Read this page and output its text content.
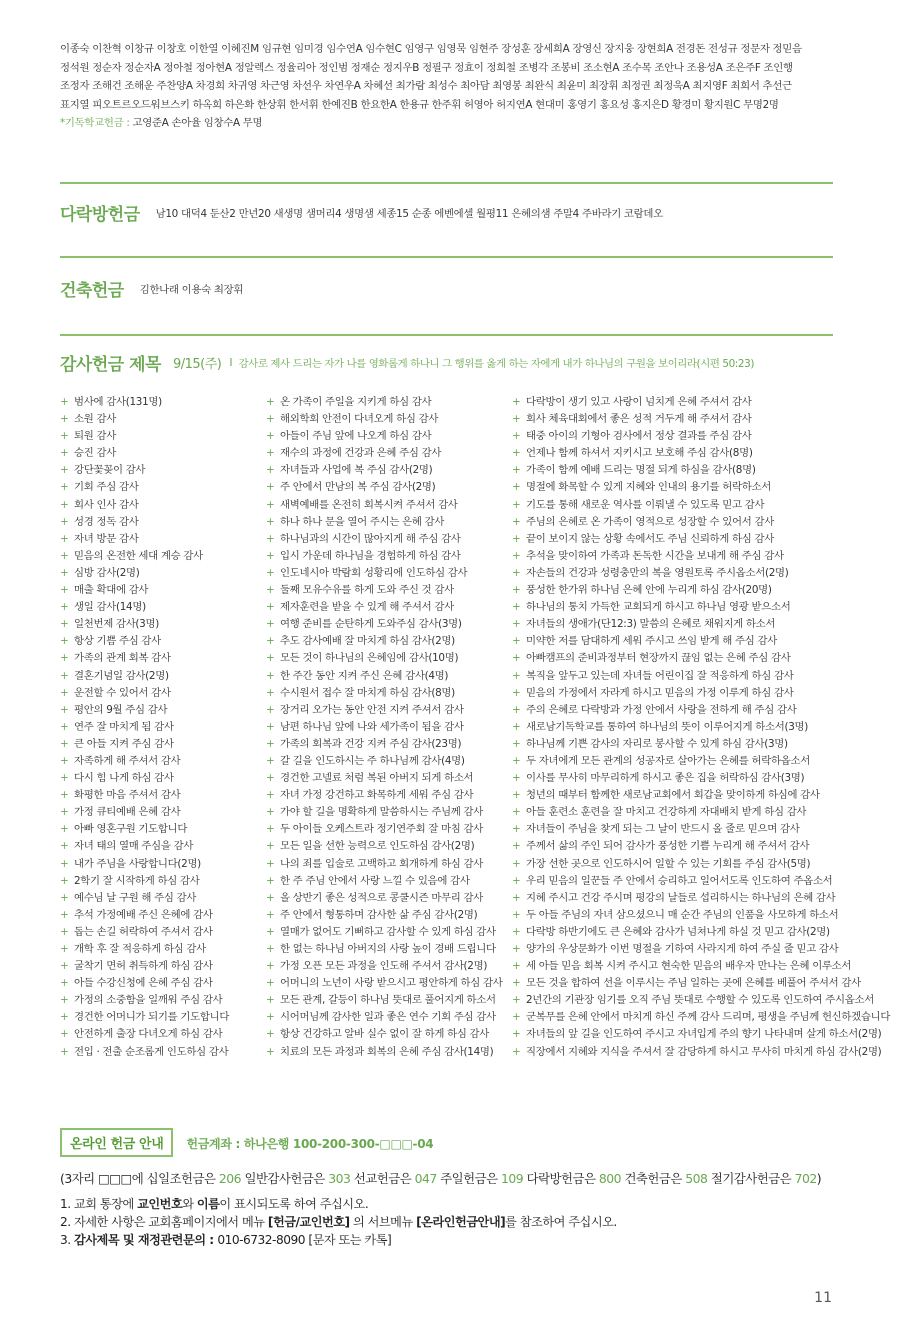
이종숙 이찬혁 이창규 이창호 이한열 이혜진M 임규현 임미경 임수연A 임수현C 임영구 임영묵 임현주 장성훈 장세희A 장영신 장지웅 장현희A 전경돈 전성규 정문자 정믿음
정석원 정순자 정순자A 정아철 정아현A 정알렉스 정율리아 정인범 정재순 정지우B 정필구 정효이 정희철 조병각 조봉비 조소현A 조수목 조안나 조용성A 조은주F 조인행
조정자 조해건 조해운 주찬양A 차경희 차귀영 차근영 차선우 차연우A 차혜선 최가람 최성수 최아담 최영봉 최완식 최윤미 최장휘 최정권 최정욱A 최지영F 최희서 추선근
표지열 피오트르오드워브스키 하옥희 하은화 한상휘 한서휘 한예진B 한요한A 한용규 한주휘 허영아 허지연A 현대미 홍영기 홍요성 홍지은D 황경미 황지원C 무명2명
*기독학교헌금 : 고영준A 손아율 임창수A 무명
다락방헌금 남10 대덕4 둔산2 만년20 새생명 샘머리4 생명샘 세종15 순종 에벤에셀 월평11 은혜의샘 주말4 주바라기 코람데오
건축헌금 김한나래 이용숙 최장휘
감사헌금 제목 9/15(주) I 감사로 제사 드리는 자가 나를 영화롭게 하나니 그 행위를 옳게 하는 자에게 내가 하나님의 구원을 보이리라(시편 50:23)
+ 범사에 감사(131명)
+ 소원 감사
+ 퇴원 감사
+ 승진 감사
+ 강단꽃꽂이 감사
+ 기회 주심 감사
+ 회사 인사 감사
+ 성경 정독 감사
+ 자녀 방문 감사
+ 믿음의 온전한 세대 계승 감사
+ 심방 감사(2명)
+ 매출 확대에 감사
+ 생일 감사(14명)
+ 일천번제 감사(3명)
+ 항상 기쁨 주심 감사
+ 가족의 관계 회복 감사
+ 결혼기념일 감사(2명)
+ 운전할 수 있어서 감사
+ 평안의 9월 주심 감사
+ 연주 잘 마치게 됨 감사
+ 큰 아들 지켜 주심 감사
+ 자족하게 해 주셔서 감사
+ 다시 힘 나게 하심 감사
+ 화평한 마음 주셔서 감사
+ 가정 큐티예배 은혜 감사
+ 아빠 영혼구원 기도합니다
+ 자녀 태의 열매 주심을 감사
+ 내가 주님을 사랑합니다(2명)
+ 2학기 잘 시작하게 하심 감사
+ 예수님 날 구원 해 주심 감사
+ 추석 가정예배 주신 은혜에 감사
+ 돕는 손길 허락하여 주셔서 감사
+ 개학 후 잘 적응하게 하심 감사
+ 굴착기 면허 취득하게 하심 감사
+ 아들 수강신청에 은혜 주심 감사
+ 가정의 소중함을 일깨워 주심 감사
+ 경건한 어머니가 되기를 기도합니다
+ 안전하게 출장 다녀오게 하심 감사
+ 전입 · 전출 순조롭게 인도하심 감사
+ 온 가족이 주일을 지키게 하심 감사
+ 해외학회 안전이 다녀오게 하심 감사
+ 아들이 주님 앞에 나오게 하심 감사
+ 재수의 과정에 건강과 은혜 주심 감사
+ 자녀들과 사업에 복 주심 감사(2명)
+ 주 안에서 만남의 복 주심 감사(2명)
+ 새벽예배를 온전히 회복시켜 주셔서 감사
+ 하나 하나 문을 열어 주시는 은혜 감사
+ 하나님과의 시간이 많아지게 해 주심 감사
+ 입시 가운데 하나님을 경험하게 하심 감사
+ 인도네시아 박람회 성황리에 인도하심 감사
+ 둘째 모유수유를 하게 도와 주신 것 감사
+ 제자훈련을 받을 수 있게 해 주셔서 감사
+ 여행 준비를 순탄하게 도와주심 감사(3명)
+ 추도 감사예배 잘 마치게 하심 감사(2명)
+ 모든 것이 하나님의 은혜임에 감사(10명)
+ 한 주간 동안 지켜 주신 은혜 감사(4명)
+ 수시원서 접수 잘 마치게 하심 감사(8명)
+ 장거리 오가는 동안 안전 지켜 주셔서 감사
+ 남편 하나님 앞에 나와 세가족이 됨을 감사
+ 가족의 회복과 건강 지켜 주심 감사(23명)
+ 갈 길을 인도하시는 주 하나님께 감사(4명)
+ 경건한 고넬료 처럼 복된 아버지 되게 하소서
+ 자녀 가정 강건하고 화목하게 세워 주심 감사
+ 가야 할 길을 명확하게 말씀하시는 주님께 감사
+ 두 아이들 오케스트라 정기연주회 잘 마침 감사
+ 모든 일을 선한 능력으로 인도하심 감사(2명)
+ 나의 죄를 입술로 고백하고 회개하게 하심 감사
+ 한 주 주님 안에서 사랑 느낄 수 있음에 감사
+ 올 상반기 좋은 성적으로 콩쿨시즌 마무리 감사
+ 주 안에서 형통하며 감사한 삶 주심 감사(2명)
+ 열매가 없어도 기뻐하고 감사할 수 있게 하심 감사
+ 한 없는 하나님 아버지의 사랑 높이 경배 드립니다
+ 가정 오픈 모든 과정을 인도해 주셔서 감사(2명)
+ 어머니의 노년이 사랑 받으시고 평안하게 하심 감사
+ 모든 관계, 갈등이 하나님 뜻대로 풀어지게 하소서
+ 시어머님께 감사한 일과 좋은 연수 기회 주심 감사
+ 항상 건강하고 알바 실수 없이 잘 하게 하심 감사
+ 치료의 모든 과정과 회복의 은혜 주심 감사(14명)
+ 다락방이 생기 있고 사랑이 넘치게 은혜 주셔서 감사
+ 회사 체육대회에서 좋은 성적 거두게 해 주셔서 감사
+ 태중 아이의 기형아 검사에서 정상 결과를 주심 감사
+ 언제나 함께 하셔서 지키시고 보호해 주심 감사(8명)
+ 가족이 함께 예배 드리는 명절 되게 하심을 감사(8명)
+ 명절에 화목할 수 있게 지혜와 인내의 용기를 허락하소서
+ 기도를 통해 새로운 역사를 이뤄낼 수 있도록 믿고 감사
+ 주님의 은혜로 온 가족이 영적으로 성장할 수 있어서 감사
+ 끝이 보이지 않는 상황 속에서도 주님 신뢰하게 하심 감사
+ 추석을 맞이하여 가족과 돈독한 시간을 보내게 해 주심 감사
+ 자손들의 건강과 성령충만의 복을 영원토록 주시옵소서(2명)
+ 풍성한 한가위 하나님 은혜 안에 누리게 하심 감사(20명)
+ 하나님의 통치 가득한 교회되게 하시고 하나님 영광 받으소서
+ 자녀들의 생애가(단12:3) 말씀의 은혜로 채워지게 하소서
+ 미약한 저를 담대하게 세워 주시고 쓰임 받게 해 주심 감사
+ 아빠캠프의 준비과정부터 현장까지 끊임 없는 은혜 주심 감사
+ 복직을 앞두고 있는데 자녀들 어린이집 잘 적응하게 하심 감사
+ 믿음의 가정에서 자라게 하시고 믿음의 가정 이루게 하심 감사
+ 주의 은혜로 다락방과 가정 안에서 사랑을 전하게 해 주심 감사
+ 새로남기독학교를 통하여 하나님의 뜻이 이루어지게 하소서(3명)
+ 하나님께 기쁜 감사의 자리로 봉사할 수 있게 하심 감사(3명)
+ 두 자녀에게 모든 관계의 성공자로 살아가는 은혜를 허락하옵소서
+ 이사를 무사히 마무리하게 하시고 좋은 집을 허락하심 감사(3명)
+ 청년의 때부터 함께한 새로남교회에서 회갑을 맞이하게 하심에 감사
+ 아들 훈련소 훈련을 잘 마치고 건강하게 자대배치 받게 하심 감사
+ 자녀들이 주님을 찾게 되는 그 날이 반드시 올 줄로 믿으며 감사
+ 주께서 삶의 주인 되어 감사가 풍성한 기쁨 누리게 해 주셔서 감사
+ 가장 선한 곳으로 인도하시어 일할 수 있는 기회를 주심 감사(5명)
+ 우리 믿음의 일꾼들 주 안에서 승리하고 일어서도록 인도하여 주옵소서
+ 지혜 주시고 건강 주시며 평강의 날들로 섭리하시는 하나님의 은혜 감사
+ 두 아들 주님의 자녀 삼으셨으니 매 순간 주님의 인품을 사모하게 하소서
+ 다락방 하반기에도 큰 은혜와 감사가 넘쳐나게 하실 것 믿고 감사(2명)
+ 양가의 우상문화가 이번 명절을 기하여 사라지게 하여 주실 줄 믿고 감사
+ 세 아들 믿음 회복 시켜 주시고 현숙한 믿음의 배우자 만나는 은혜 이루소서
+ 모든 것을 합하여 선을 이루시는 주님 일하는 곳에 은혜를 베풀어 주셔서 감사
+ 2년간의 기관장 임기를 오직 주님 뜻대로 수행할 수 있도록 인도하여 주시옵소서
+ 군복무를 은혜 안에서 마치게 하신 주께 감사 드리며, 평생을 주님께 헌신하겠습니다
+ 자녀들의 앞 길을 인도하여 주시고 자녀입게 주의 향기 나타내며 살게 하소서(2명)
+ 직장에서 지혜와 지식을 주셔서 잘 감당하게 하시고 무사히 마치게 하심 감사(2명)
온라인 헌금 안내 헌금계좌 : 하나은행 100-200-300-□□□-04
(3자리 □□□에 십일조헌금은 206 일반감사헌금은 303 선교헌금은 047 주일헌금은 109 다락방헌금은 800 건축헌금은 508 절기감사헌금은 702)
1. 교회 통장에 교인번호와 이름이 표시되도록 하여 주십시오.
2. 자세한 사항은 교회홈페이지에서 메뉴 [헌금/교인번호] 의 서브메뉴 [온라인헌금안내]를 참조하여 주십시오.
3. 감사제목 및 재정관련문의 : 010-6732-8090 [문자 또는 카톡]
11
